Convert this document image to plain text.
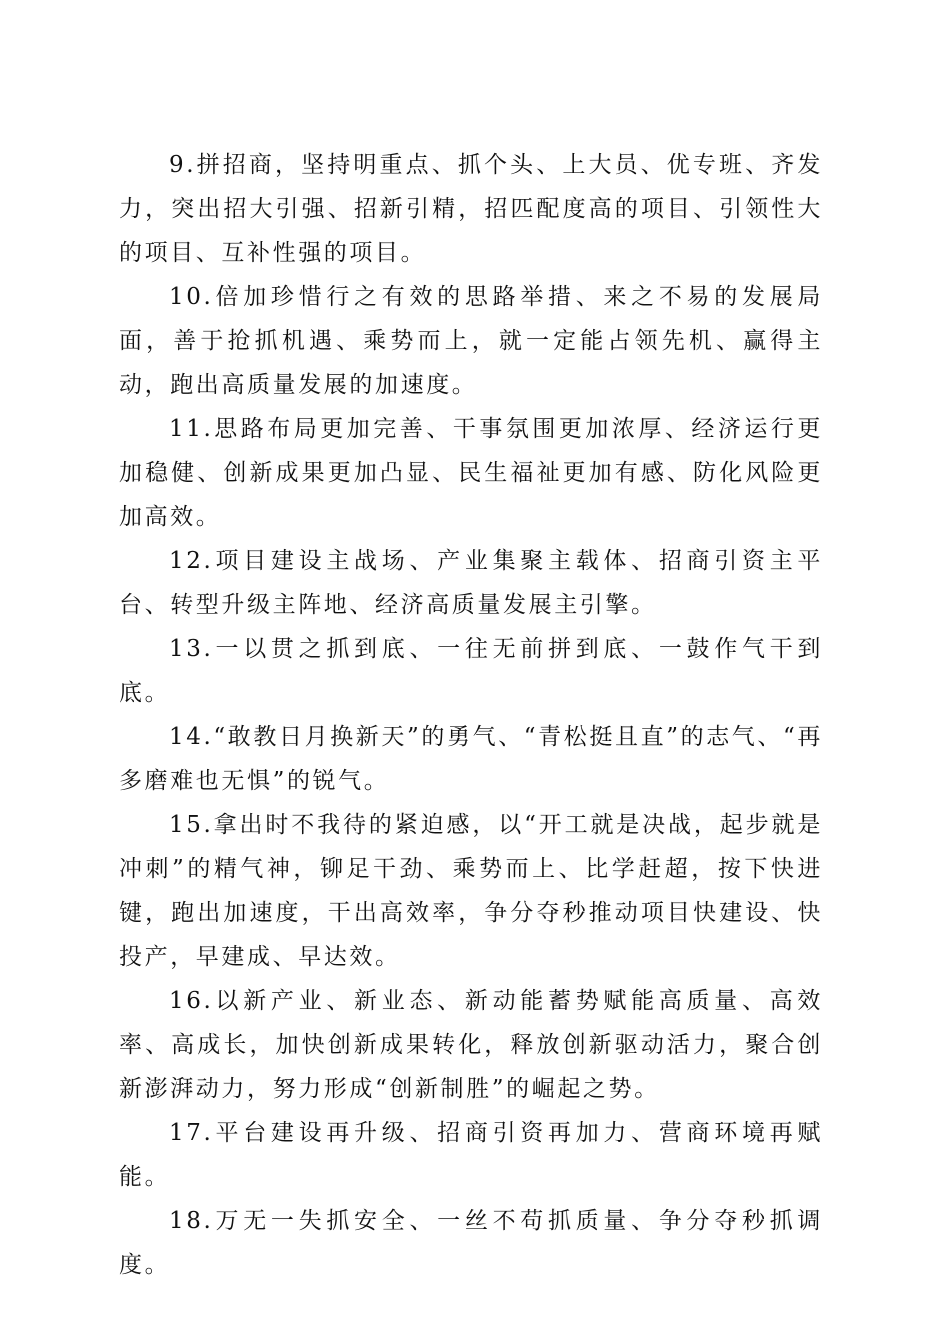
9.拼招商，坚持明重点、抓个头、上大员、优专班、齐发力，突出招大引强、招新引精，招匹配度高的项目、引领性大的项目、互补性强的项目。

10.倍加珍惜行之有效的思路举措、来之不易的发展局面，善于抢抓机遇、乘势而上，就一定能占领先机、赢得主动，跑出高质量发展的加速度。

11.思路布局更加完善、干事氛围更加浓厚、经济运行更加稳健、创新成果更加凸显、民生福祉更加有感、防化风险更加高效。

12.项目建设主战场、产业集聚主载体、招商引资主平台、转型升级主阵地、经济高质量发展主引擎。

13.一以贯之抓到底、一往无前拼到底、一鼓作气干到底。

14.“敢教日月换新天”的勇气、“青松挺且直”的志气、“再多磨难也无惧”的锐气。

15.拿出时不我待的紧迫感，以“开工就是决战，起步就是冲刺”的精气神，铆足干劲、乘势而上、比学赶超，按下快进键，跑出加速度，干出高效率，争分夺秒推动项目快建设、快投产，早建成、早达效。

16.以新产业、新业态、新动能蓄势赋能高质量、高效率、高成长，加快创新成果转化，释放创新驱动活力，聚合创新澎湃动力，努力形成“创新制胜”的崛起之势。

17.平台建设再升级、招商引资再加力、营商环境再赋能。

18.万无一失抓安全、一丝不苟抓质量、争分夺秒抓调度。
